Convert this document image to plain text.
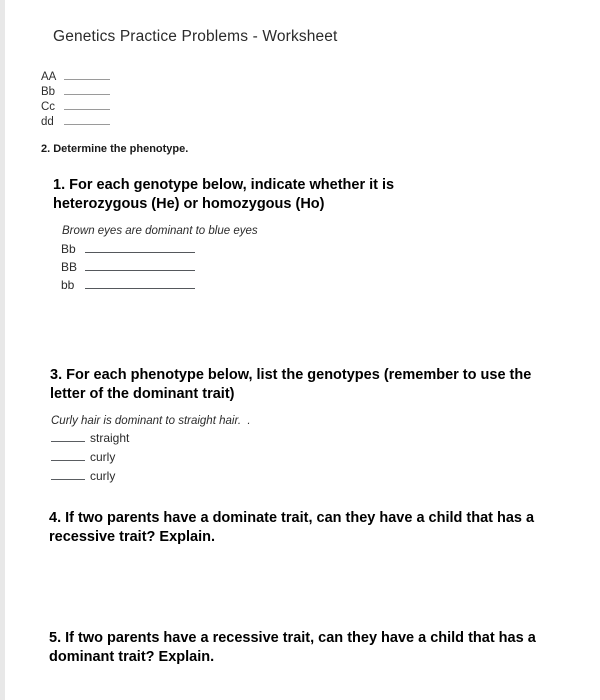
Genetics Practice Problems - Worksheet
AA
Bb
Cc
dd
2. Determine the phenotype.
1. For each genotype below, indicate whether it is heterozygous (He) or homozygous (Ho)
Brown eyes are dominant to blue eyes
Bb
BB
bb
3. For each phenotype below, list the genotypes (remember to use the letter of the dominant trait)
Curly hair is dominant to straight hair.  .
straight
curly
curly
4. If two parents have a dominate trait, can they have a child that has a recessive trait? Explain.
5. If two parents have a recessive trait, can they have a child that has a dominant trait? Explain.
